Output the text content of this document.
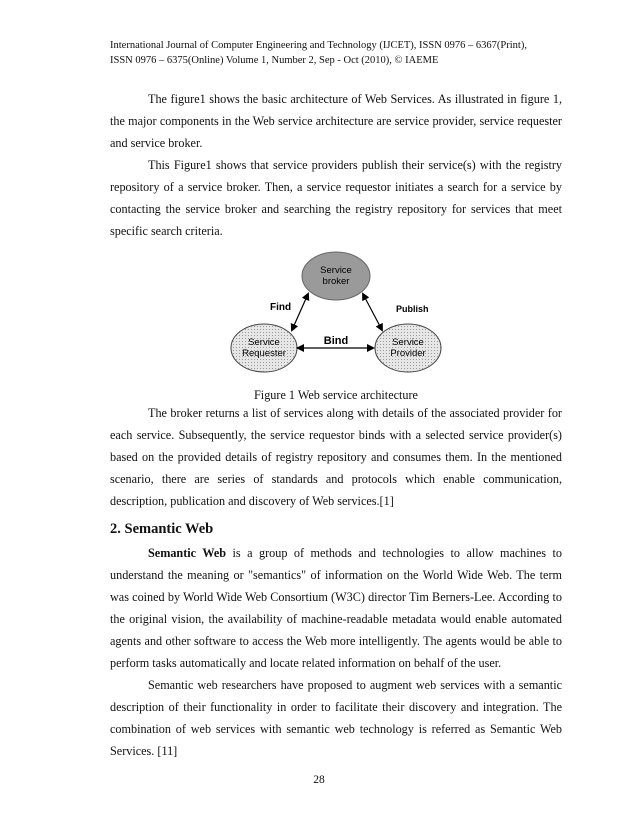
International Journal of Computer Engineering and Technology (IJCET), ISSN 0976 – 6367(Print),
ISSN 0976 – 6375(Online) Volume 1, Number 2, Sep - Oct (2010), © IAEME

The figure1 shows the basic architecture of Web Services. As illustrated in figure 1, the major components in the Web service architecture are service provider, service requester and service broker.

This Figure1 shows that service providers publish their service(s) with the registry repository of a service broker. Then, a service requestor initiates a search for a service by contacting the service broker and searching the registry repository for services that meet specific search criteria.

Service
broker
Service
Requester
Service
Provider
Find	Publish
Bind
Figure 1 Web service architecture

The broker returns a list of services along with details of the associated provider for each service. Subsequently, the service requestor binds with a selected service provider(s) based on the provided details of registry repository and consumes them. In the mentioned scenario, there are series of standards and protocols which enable communication, description, publication and discovery of Web services.[1]

2. Semantic Web

Semantic Web is a group of methods and technologies to allow machines to understand the meaning or "semantics" of information on the World Wide Web. The term was coined by World Wide Web Consortium (W3C) director Tim Berners-Lee. According to the original vision, the availability of machine-readable metadata would enable automated agents and other software to access the Web more intelligently. The agents would be able to perform tasks automatically and locate related information on behalf of the user.

Semantic web researchers have proposed to augment web services with a semantic description of their functionality in order to facilitate their discovery and integration. The combination of web services with semantic web technology is referred as Semantic Web Services. [11]

28
